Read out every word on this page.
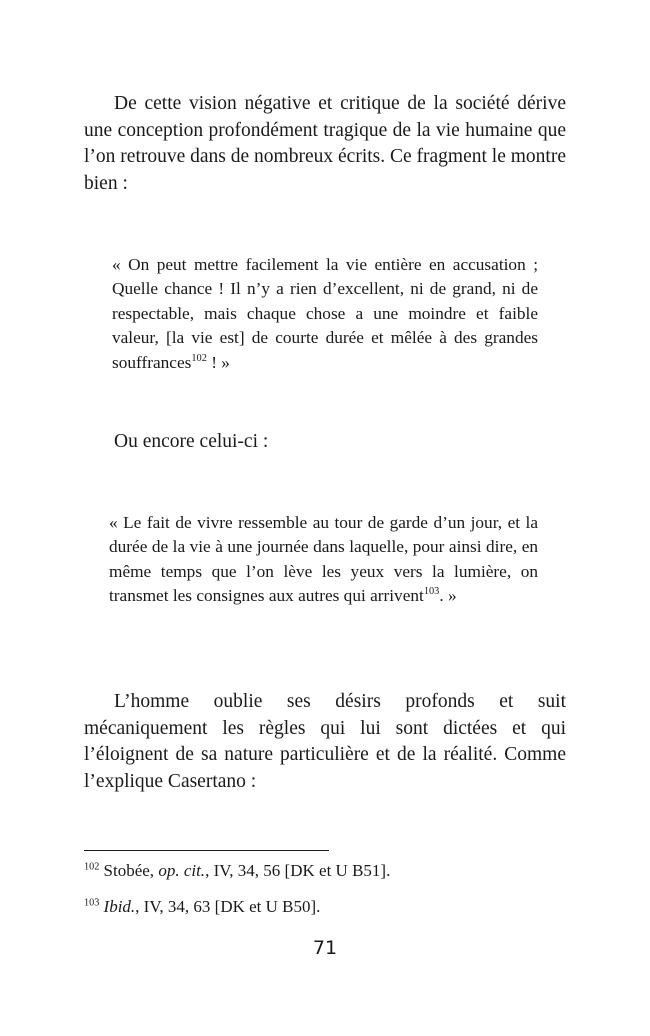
De cette vision négative et critique de la société dérive une conception profondément tragique de la vie humaine que l’on retrouve dans de nombreux écrits. Ce fragment le montre bien :

« On peut mettre facilement la vie entière en accusation ; Quelle chance ! Il n’y a rien d’excellent, ni de grand, ni de respectable, mais chaque chose a une moindre et faible valeur, [la vie est] de courte durée et mêlée à des grandes souffrances$^{102}$ ! »

Ou encore celui-ci :

« Le fait de vivre ressemble au tour de garde d’un jour, et la durée de la vie à une journée dans laquelle, pour ainsi dire, en même temps que l’on lève les yeux vers la lumière, on transmet les consignes aux autres qui arrivent$^{103}$. »

L’homme oublie ses désirs profonds et suit mécaniquement les règles qui lui sont dictées et qui l’éloignent de sa nature particulière et de la réalité. Comme l’explique Casertano :

$^{102}$ Stobée, op. cit., IV, 34, 56 [DK et U B51].

$^{103}$ Ibid., IV, 34, 63 [DK et U B50].

71
